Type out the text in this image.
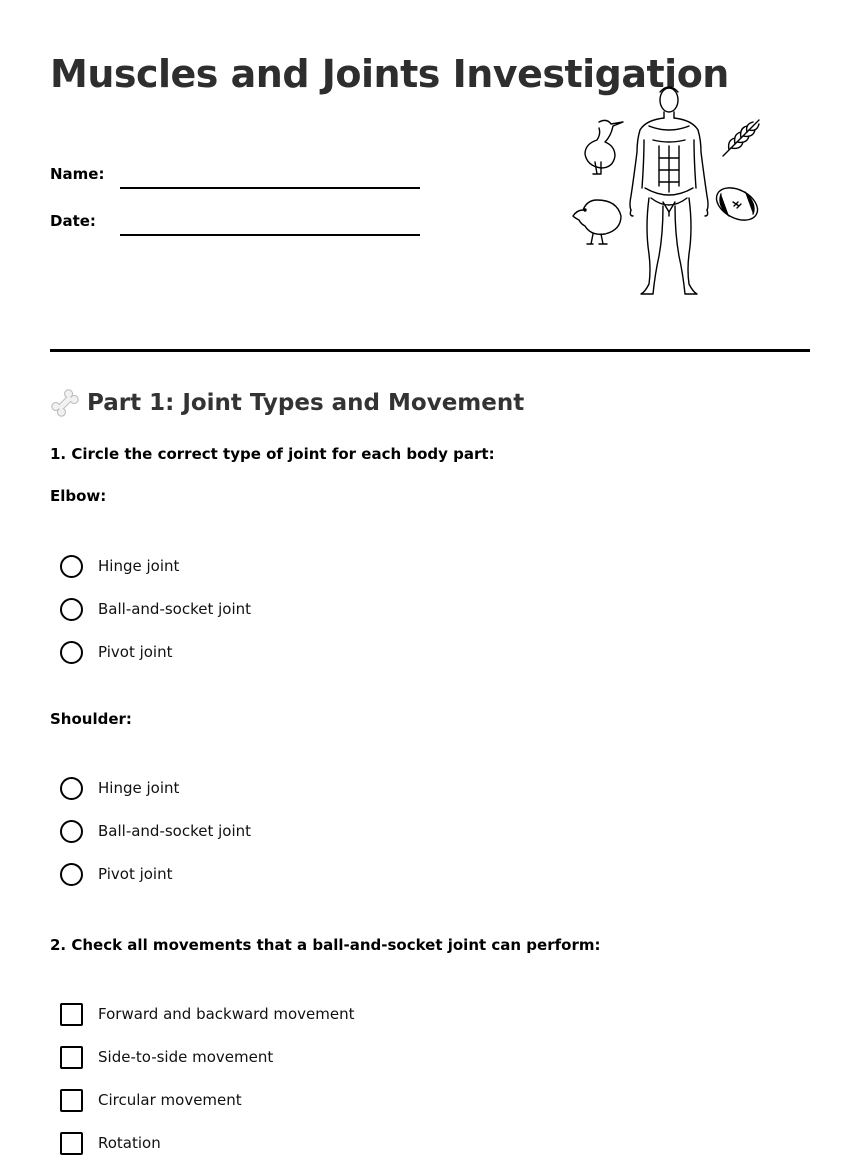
Muscles and Joints Investigation
Name:
Date:
Part 1: Joint Types and Movement

1. Circle the correct type of joint for each body part:

Elbow:

Hinge joint
Ball-and-socket joint
Pivot joint

Shoulder:

Hinge joint
Ball-and-socket joint
Pivot joint

2. Check all movements that a ball-and-socket joint can perform:

Forward and backward movement
Side-to-side movement
Circular movement
Rotation
